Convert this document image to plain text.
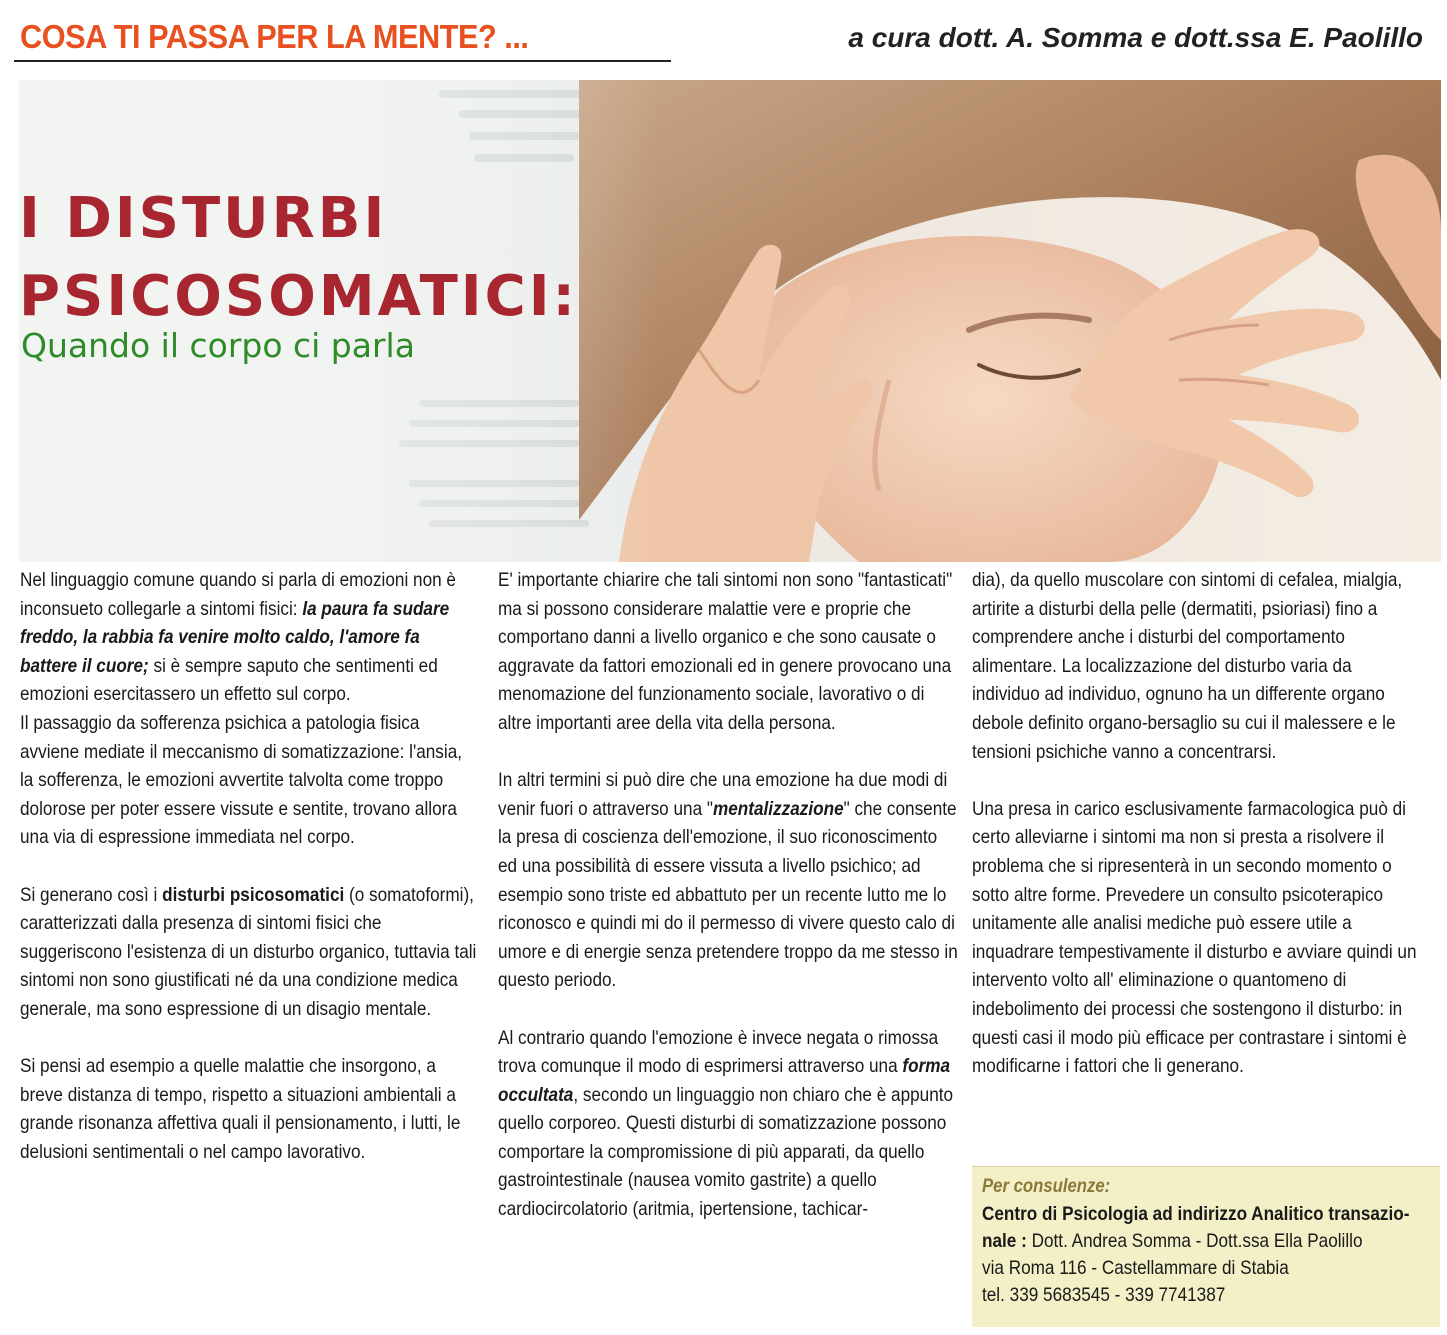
COSA TI PASSA PER LA MENTE? ...	a cura dott. A. Somma e dott.ssa E. Paolillo
I DISTURBI
PSICOSOMATICI:
Quando il corpo ci parla

Nel linguaggio comune quando si parla di emozioni non è inconsueto collegarle a sintomi fisici: la paura fa sudare freddo, la rabbia fa venire molto caldo, l'amore fa battere il cuore; si è sempre saputo che sentimenti ed emozioni esercitassero un effetto sul corpo.
Il passaggio da sofferenza psichica a patologia fisica avviene mediate il meccanismo di somatizzazione: l'ansia, la sofferenza, le emozioni avvertite talvolta come troppo dolorose per poter essere vissute e sentite, trovano allora una via di espressione immediata nel corpo.

Si generano così i disturbi psicosomatici (o somatoformi), caratterizzati dalla presenza di sintomi fisici che suggeriscono l'esistenza di un disturbo organico, tuttavia tali sintomi non sono giustificati né da una condizione medica generale, ma sono espressione di un disagio mentale.

Si pensi ad esempio a quelle malattie che insorgono, a breve distanza di tempo, rispetto a situazioni ambientali a grande risonanza affettiva quali il pensionamento, i lutti, le delusioni sentimentali o nel campo lavorativo.

E' importante chiarire che tali sintomi non sono "fantasticati" ma si possono considerare malattie vere e proprie che comportano danni a livello organico e che sono causate o aggravate da fattori emozionali ed in genere provocano una menomazione del funzionamento sociale, lavorativo o di altre importanti aree della vita della persona.

In altri termini si può dire che una emozione ha due modi di venir fuori o attraverso una "mentalizzazione" che consente la presa di coscienza dell'emozione, il suo riconoscimento ed una possibilità di essere vissuta a livello psichico; ad esempio sono triste ed abbattuto per un recente lutto me lo riconosco e quindi mi do il permesso di vivere questo calo di umore e di energie senza pretendere troppo da me stesso in questo periodo.

Al contrario quando l'emozione è invece negata o rimossa trova comunque il modo di esprimersi attraverso una forma occultata, secondo un linguaggio non chiaro che è appunto quello corporeo. Questi disturbi di somatizzazione possono comportare la compromissione di più apparati, da quello gastrointestinale (nausea vomito gastrite) a quello cardiocircolatorio (aritmia, ipertensione, tachicar-

dia), da quello muscolare con sintomi di cefalea, mialgia, artirite a disturbi della pelle (dermatiti, psioriasi) fino a comprendere anche i disturbi del comportamento alimentare. La localizzazione del disturbo varia da individuo ad individuo, ognuno ha un differente organo debole definito organo-bersaglio su cui il malessere e le tensioni psichiche vanno a concentrarsi.

Una presa in carico esclusivamente farmacologica può di certo alleviarne i sintomi ma non si presta a risolvere il problema che si ripresenterà in un secondo momento o sotto altre forme. Prevedere un consulto psicoterapico unitamente alle analisi mediche può essere utile a inquadrare tempestivamente il disturbo e avviare quindi un intervento volto all' eliminazione o quantomeno di indebolimento dei processi che sostengono il disturbo: in questi casi il modo più efficace per contrastare i sintomi è modificarne i fattori che li generano.

Per consulenze:
Centro di Psicologia ad indirizzo Analitico transazio-
nale : Dott. Andrea Somma - Dott.ssa Ella Paolillo
via Roma 116 - Castellammare di Stabia
tel. 339 5683545 - 339 7741387
